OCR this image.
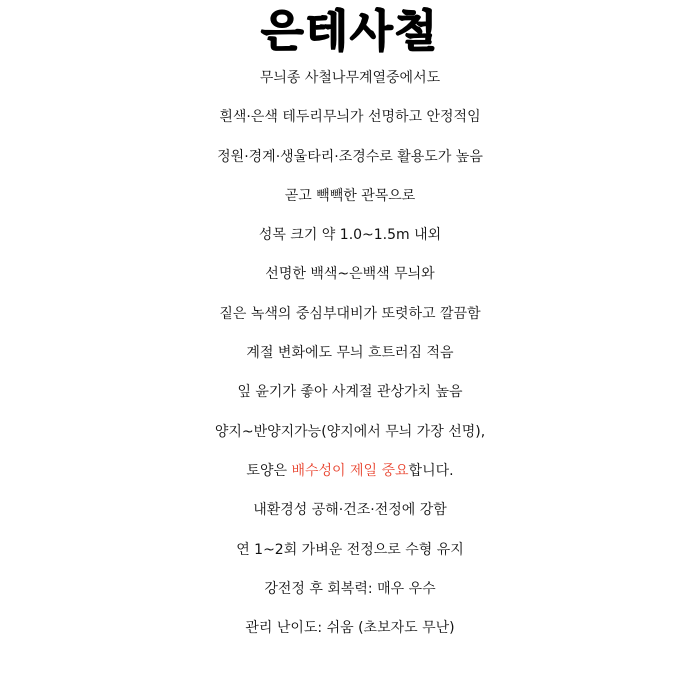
은테사철
무늬종 사철나무계열중에서도
흰색·은색 테두리무늬가 선명하고 안정적임
정원·경계·생울타리·조경수로 활용도가 높음
곧고 빽빽한 관목으로
성목 크기 약 1.0~1.5m 내외
선명한 백색~은백색 무늬와
짙은 녹색의 중심부대비가 또렷하고 깔끔함
계절 변화에도 무늬 흐트러짐 적음
잎 윤기가 좋아 사계절 관상가치 높음
양지~반양지가능(양지에서 무늬 가장 선명),
토양은 배수성이 제일 중요합니다.
내환경성 공해·건조·전정에 강함
연 1~2회 가벼운 전정으로 수형 유지
강전정 후 회복력: 매우 우수
관리 난이도: 쉬움 (초보자도 무난)
